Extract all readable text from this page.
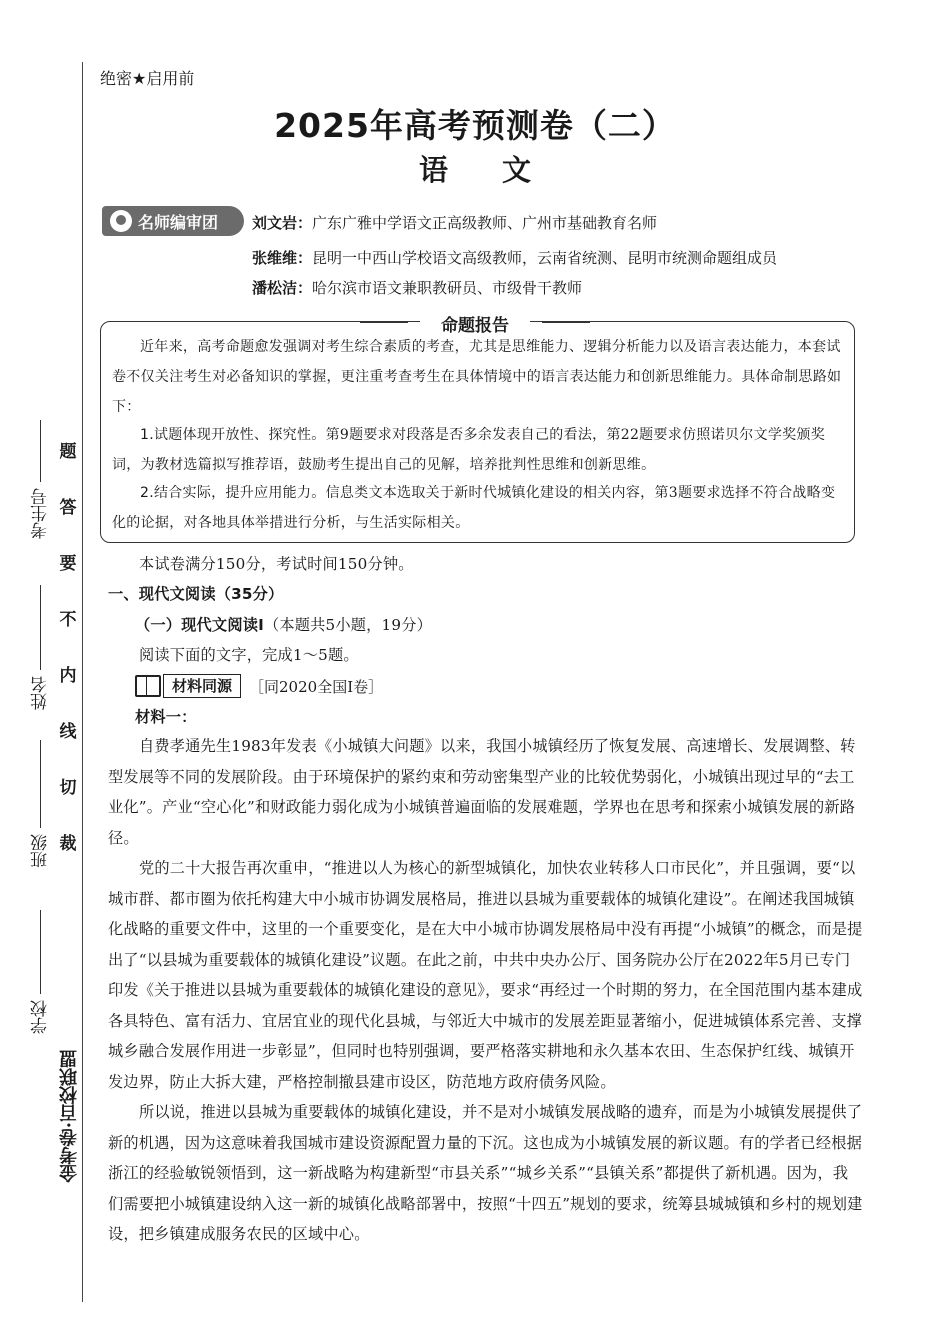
考生号
姓名
班级
学校
金考卷·百校联盟
题
答
要
不
内
线
切
裁
绝密★启用前
2025年高考预测卷（二）
语 文
名师编审团 刘文岩：广东广雅中学语文正高级教师、广州市基础教育名师
张维维：昆明一中西山学校语文高级教师，云南省统测、昆明市统测命题组成员
潘松洁：哈尔滨市语文兼职教研员、市级骨干教师
命题报告
近年来，高考命题愈发强调对考生综合素质的考查，尤其是思维能力、逻辑分析能力以及语言表达能力，本套试卷不仅关注考生对必备知识的掌握，更注重考查考生在具体情境中的语言表达能力和创新思维能力。具体命制思路如下：
1.试题体现开放性、探究性。第9题要求对段落是否多余发表自己的看法，第22题要求仿照诺贝尔文学奖颁奖词，为教材选篇拟写推荐语，鼓励考生提出自己的见解，培养批判性思维和创新思维。
2.结合实际，提升应用能力。信息类文本选取关于新时代城镇化建设的相关内容，第3题要求选择不符合战略变化的论据，对各地具体举措进行分析，与生活实际相关。
本试卷满分150分，考试时间150分钟。
一、现代文阅读（35分）
（一）现代文阅读Ⅰ（本题共5小题，19分）
阅读下面的文字，完成1～5题。
材料同源	［同2020全国Ⅰ卷］
材料一：
自费孝通先生1983年发表《小城镇大问题》以来，我国小城镇经历了恢复发展、高速增长、发展调整、转型发展等不同的发展阶段。由于环境保护的紧约束和劳动密集型产业的比较优势弱化，小城镇出现过早的“去工业化”。产业“空心化”和财政能力弱化成为小城镇普遍面临的发展难题，学界也在思考和探索小城镇发展的新路径。
党的二十大报告再次重申，“推进以人为核心的新型城镇化，加快农业转移人口市民化”，并且强调，要“以城市群、都市圈为依托构建大中小城市协调发展格局，推进以县城为重要载体的城镇化建设”。在阐述我国城镇化战略的重要文件中，这里的一个重要变化，是在大中小城市协调发展格局中没有再提“小城镇”的概念，而是提出了“以县城为重要载体的城镇化建设”议题。在此之前，中共中央办公厅、国务院办公厅在2022年5月已专门印发《关于推进以县城为重要载体的城镇化建设的意见》，要求“再经过一个时期的努力，在全国范围内基本建成各具特色、富有活力、宜居宜业的现代化县城，与邻近大中城市的发展差距显著缩小，促进城镇体系完善、支撑城乡融合发展作用进一步彰显”，但同时也特别强调，要严格落实耕地和永久基本农田、生态保护红线、城镇开发边界，防止大拆大建，严格控制撤县建市设区，防范地方政府债务风险。
所以说，推进以县城为重要载体的城镇化建设，并不是对小城镇发展战略的遗弃，而是为小城镇发展提供了新的机遇，因为这意味着我国城市建设资源配置力量的下沉。这也成为小城镇发展的新议题。有的学者已经根据浙江的经验敏锐领悟到，这一新战略为构建新型“市县关系”“城乡关系”“县镇关系”都提供了新机遇。因为，我们需要把小城镇建设纳入这一新的城镇化战略部署中，按照“十四五”规划的要求，统筹县城城镇和乡村的规划建设，把乡镇建成服务农民的区域中心。
